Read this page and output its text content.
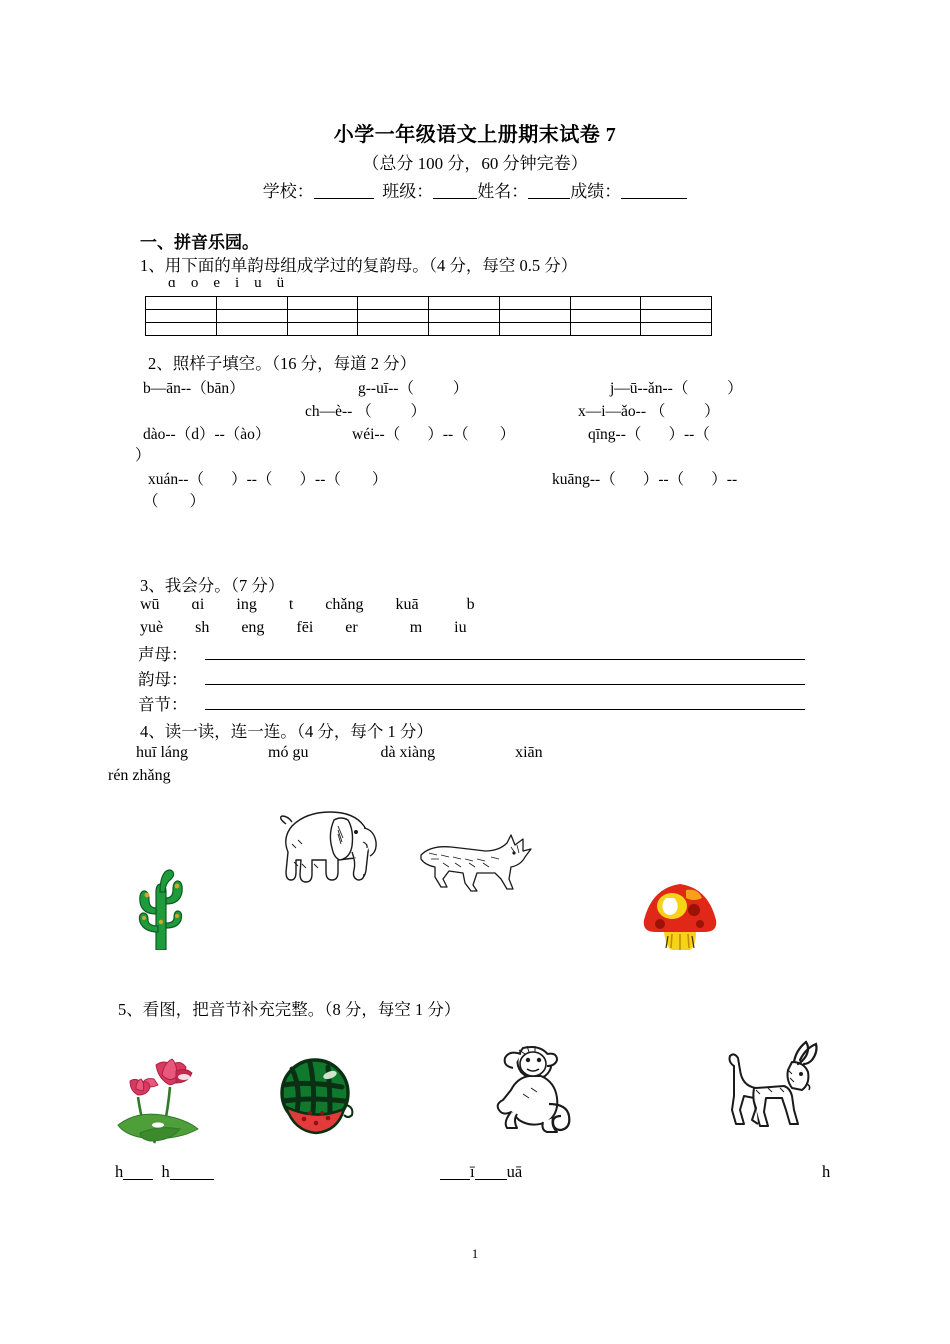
小学一年级语文上册期末试卷 7
（总分 100 分，60 分钟完卷）
学校：	班级：	姓名： 成绩：
一、拼音乐园。
1、用下面的单韵母组成学过的复韵母。（4 分，每空 0.5 分）
ɑ    o    e    i    u    ü

2、照样子填空。（16 分，每道 2 分）
b—ān--（bān）	g--uī--（          ）	j—ū--ǎn--（          ）
ch—è-- （          ）	x—i—ǎo-- （          ）
dào--（d）--（ào）	wéi--（       ）--（        ）	qīng--（       ）--（
）
xuán--（       ）--（       ）--（        ）	kuāng--（       ）--（       ）--
（        ）
3、我会分。（7 分）
wū        ɑi        ing        t        chǎng        kuā            b
yuè        sh        eng        fēi        er             m        iu
声母：
韵母：
音节：
4、读一读，连一连。（4 分，每个 1 分）
huī láng                    mó gu                  dà xiàng                    xiān
rén zhǎng
5、看图，把音节补充完整。（8 分，每空 1 分）
h h	ī uā	h
1
